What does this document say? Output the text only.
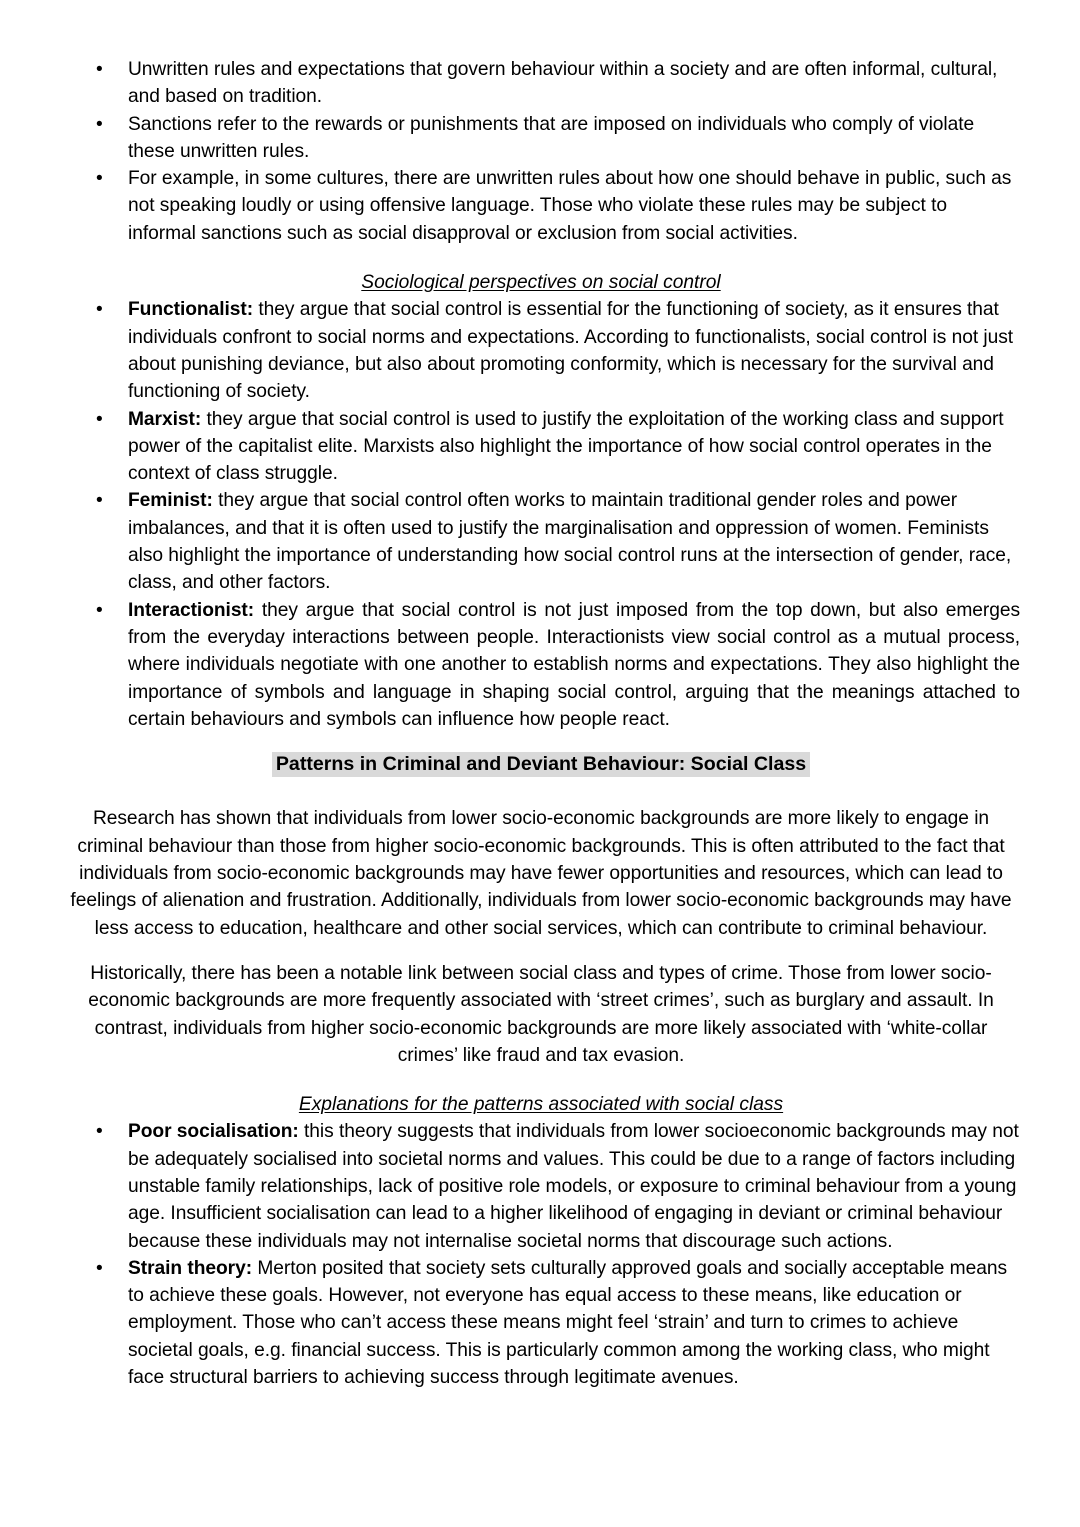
• Unwritten rules and expectations that govern behaviour within a society and are often informal, cultural, and based on tradition.
• Sanctions refer to the rewards or punishments that are imposed on individuals who comply of violate these unwritten rules.
• For example, in some cultures, there are unwritten rules about how one should behave in public, such as not speaking loudly or using offensive language. Those who violate these rules may be subject to informal sanctions such as social disapproval or exclusion from social activities.
Sociological perspectives on social control
• Functionalist: they argue that social control is essential for the functioning of society, as it ensures that individuals confront to social norms and expectations. According to functionalists, social control is not just about punishing deviance, but also about promoting conformity, which is necessary for the survival and functioning of society.
• Marxist: they argue that social control is used to justify the exploitation of the working class and support power of the capitalist elite. Marxists also highlight the importance of how social control operates in the context of class struggle.
• Feminist: they argue that social control often works to maintain traditional gender roles and power imbalances, and that it is often used to justify the marginalisation and oppression of women. Feminists also highlight the importance of understanding how social control runs at the intersection of gender, race, class, and other factors.
• Interactionist: they argue that social control is not just imposed from the top down, but also emerges from the everyday interactions between people. Interactionists view social control as a mutual process, where individuals negotiate with one another to establish norms and expectations. They also highlight the importance of symbols and language in shaping social control, arguing that the meanings attached to certain behaviours and symbols can influence how people react.
Patterns in Criminal and Deviant Behaviour: Social Class

Research has shown that individuals from lower socio-economic backgrounds are more likely to engage in criminal behaviour than those from higher socio-economic backgrounds. This is often attributed to the fact that individuals from socio-economic backgrounds may have fewer opportunities and resources, which can lead to feelings of alienation and frustration. Additionally, individuals from lower socio-economic backgrounds may have less access to education, healthcare and other social services, which can contribute to criminal behaviour.

Historically, there has been a notable link between social class and types of crime. Those from lower socio-economic backgrounds are more frequently associated with ‘street crimes’, such as burglary and assault. In contrast, individuals from higher socio-economic backgrounds are more likely associated with ‘white-collar crimes’ like fraud and tax evasion.

Explanations for the patterns associated with social class
• Poor socialisation: this theory suggests that individuals from lower socioeconomic backgrounds may not be adequately socialised into societal norms and values. This could be due to a range of factors including unstable family relationships, lack of positive role models, or exposure to criminal behaviour from a young age. Insufficient socialisation can lead to a higher likelihood of engaging in deviant or criminal behaviour because these individuals may not internalise societal norms that discourage such actions.
• Strain theory: Merton posited that society sets culturally approved goals and socially acceptable means to achieve these goals. However, not everyone has equal access to these means, like education or employment. Those who can’t access these means might feel ‘strain’ and turn to crimes to achieve societal goals, e.g. financial success. This is particularly common among the working class, who might face structural barriers to achieving success through legitimate avenues.
